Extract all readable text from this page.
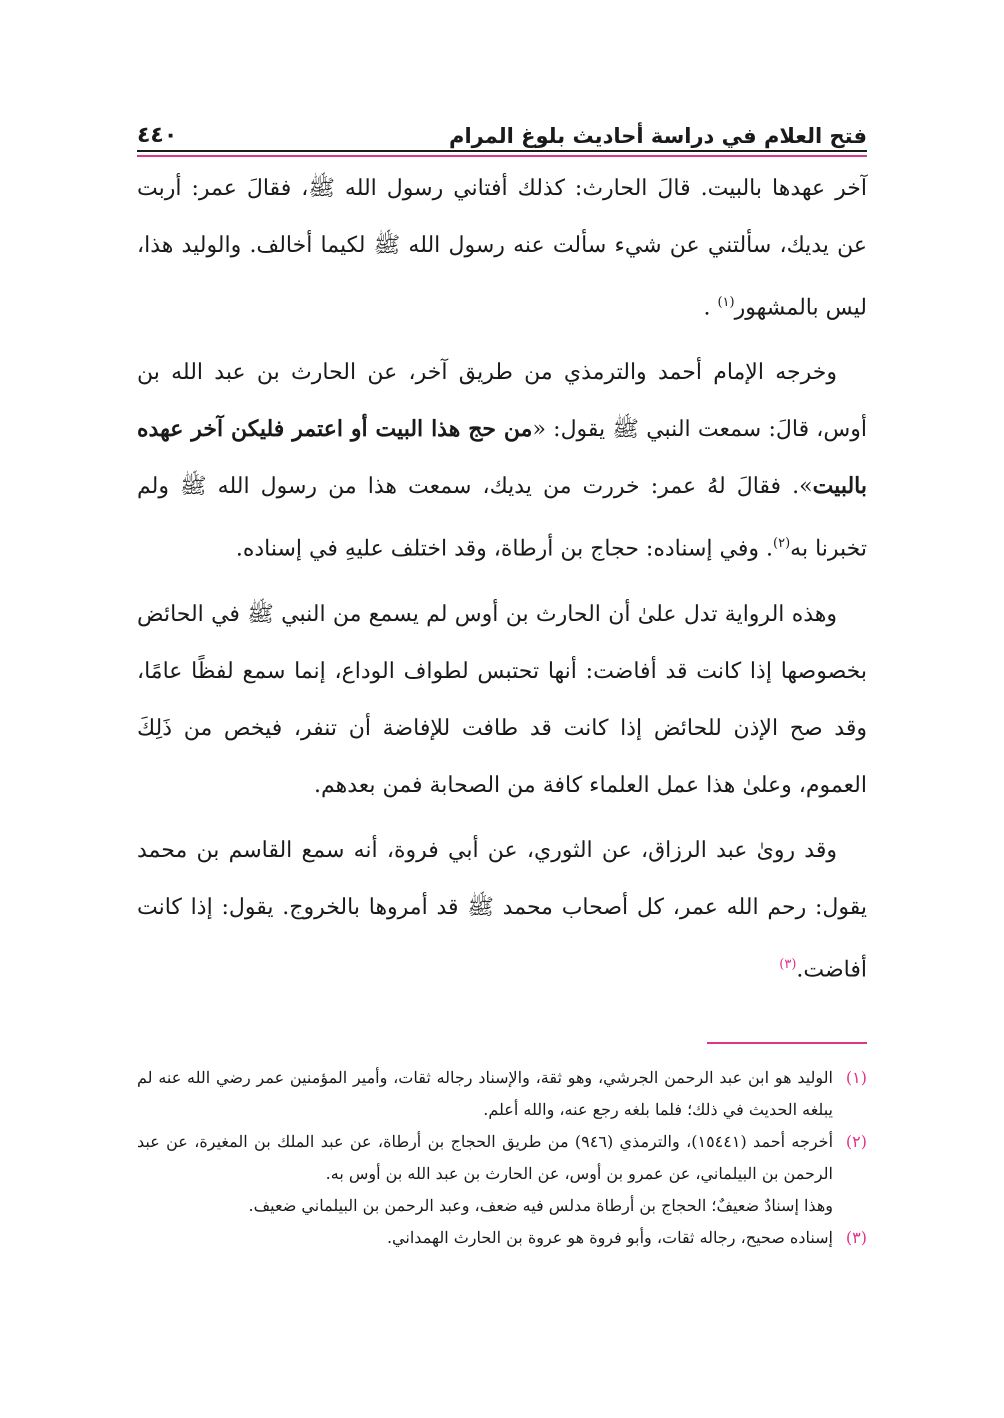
فتح العلام في دراسة أحاديث بلوغ المرام
٤٤٠

آخر عهدها بالبيت. قالَ الحارث: كذلك أفتاني رسول الله ﷺ، فقالَ عمر: أربت عن يديك، سألتني عن شيء سألت عنه رسول الله ﷺ لكيما أخالف. والوليد هذا، ليس بالمشهور$^{(١)}$ .

وخرجه الإمام أحمد والترمذي من طريق آخر، عن الحارث بن عبد الله بن أوس، قالَ: سمعت النبي ﷺ يقول: «من حج هذا البيت أو اعتمر فليكن آخر عهده بالبيت». فقالَ لهُ عمر: خررت من يديك، سمعت هذا من رسول الله ﷺ ولم تخبرنا به$^{(٢)}$. وفي إسناده: حجاج بن أرطاة، وقد اختلف عليهِ في إسناده.

وهذه الرواية تدل علىٰ أن الحارث بن أوس لم يسمع من النبي ﷺ في الحائض بخصوصها إذا كانت قد أفاضت: أنها تحتبس لطواف الوداع، إنما سمع لفظًا عامًا، وقد صح الإذن للحائض إذا كانت قد طافت للإفاضة أن تنفر، فيخص من ذَلِكَ العموم، وعلىٰ هذا عمل العلماء كافة من الصحابة فمن بعدهم.

وقد روىٰ عبد الرزاق، عن الثوري، عن أبي فروة، أنه سمع القاسم بن محمد يقول: رحم الله عمر، كل أصحاب محمد ﷺ قد أمروها بالخروج. يقول: إذا كانت أفاضت.$^{(٣)}$

(١)
الوليد هو ابن عبد الرحمن الجرشي، وهو ثقة، والإسناد رجاله ثقات، وأمير المؤمنين عمر رضي الله عنه لم يبلغه الحديث في ذلك؛ فلما بلغه رجع عنه، والله أعلم.

(٢)
أخرجه أحمد (١٥٤٤١)، والترمذي (٩٤٦) من طريق الحجاج بن أرطاة، عن عبد الملك بن المغيرة، عن عبد الرحمن بن البيلماني، عن عمرو بن أوس، عن الحارث بن عبد الله بن أوس به.
وهذا إسنادٌ ضعيفٌ؛ الحجاج بن أرطاة مدلس فيه ضعف، وعبد الرحمن بن البيلماني ضعيف.

(٣)
إسناده صحيح، رجاله ثقات، وأبو فروة هو عروة بن الحارث الهمداني.
